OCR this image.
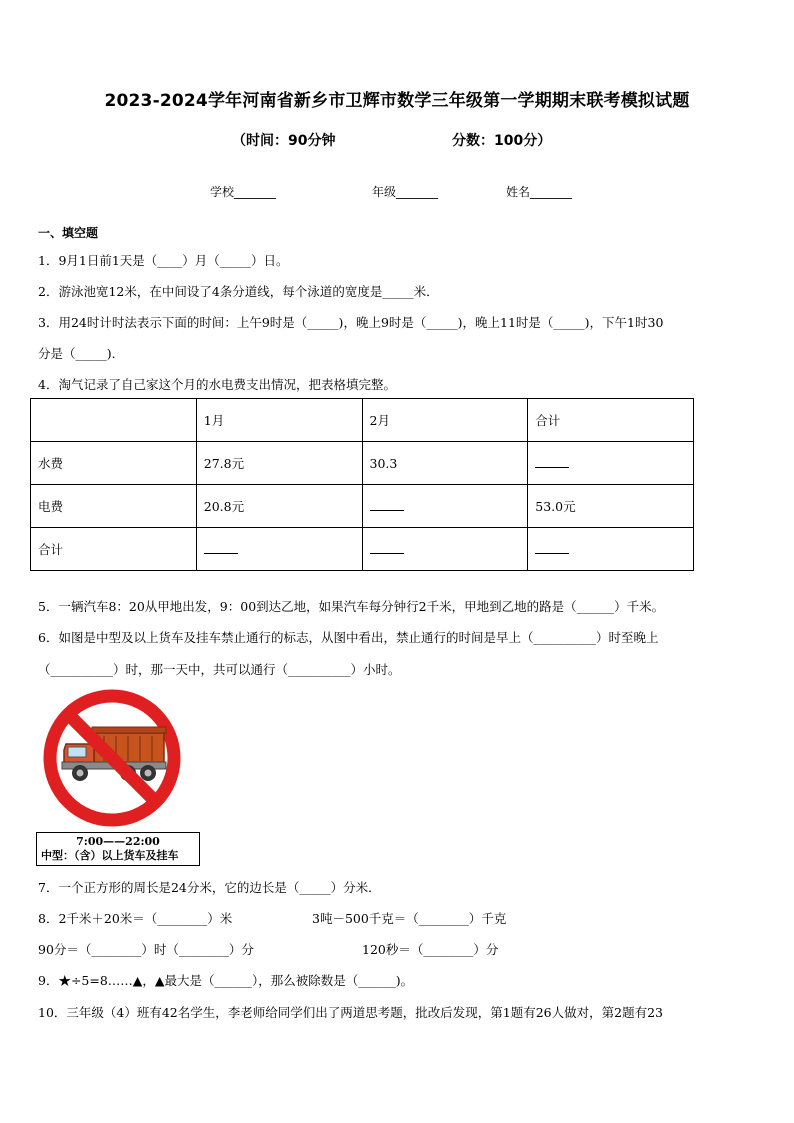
2023-2024学年河南省新乡市卫辉市数学三年级第一学期期末联考模拟试题
（时间：90分钟	分数：100分）
学校_______	年级_______	姓名_______
一、填空题
1．9月1日前1天是（____）月（_____）日。
2．游泳池宽12米，在中间设了4条分道线，每个泳道的宽度是_____米．
3．用24时计时法表示下面的时间：上午9时是（_____)，晚上9时是（_____)，晚上11时是（_____)，下午1时30
分是（_____)．
4．淘气记录了自己家这个月的水电费支出情况，把表格填完整。
	1月	2月	合计
水费	27.8元	30.3	
电费	20.8元		53.0元
合计			
5．一辆汽车8：20从甲地出发，9：00到达乙地，如果汽车每分钟行2千米，甲地到乙地的路是（______）千米。
6．如图是中型及以上货车及挂车禁止通行的标志，从图中看出，禁止通行的时间是早上（__________）时至晚上
（__________）时，那一天中，共可以通行（__________）小时。
7:00——22:00
中型：（含）以上货车及挂车
7．一个正方形的周长是24分米，它的边长是（_____）分米．
8．2千米＋20米＝（________）米	3吨－500千克＝（________）千克
90分＝（________）时（________）分	120秒＝（________）分
9．★÷5=8……▲，▲最大是（______），那么被除数是（______)。
10．三年级（4）班有42名学生，李老师给同学们出了两道思考题，批改后发现，第1题有26人做对，第2题有23
